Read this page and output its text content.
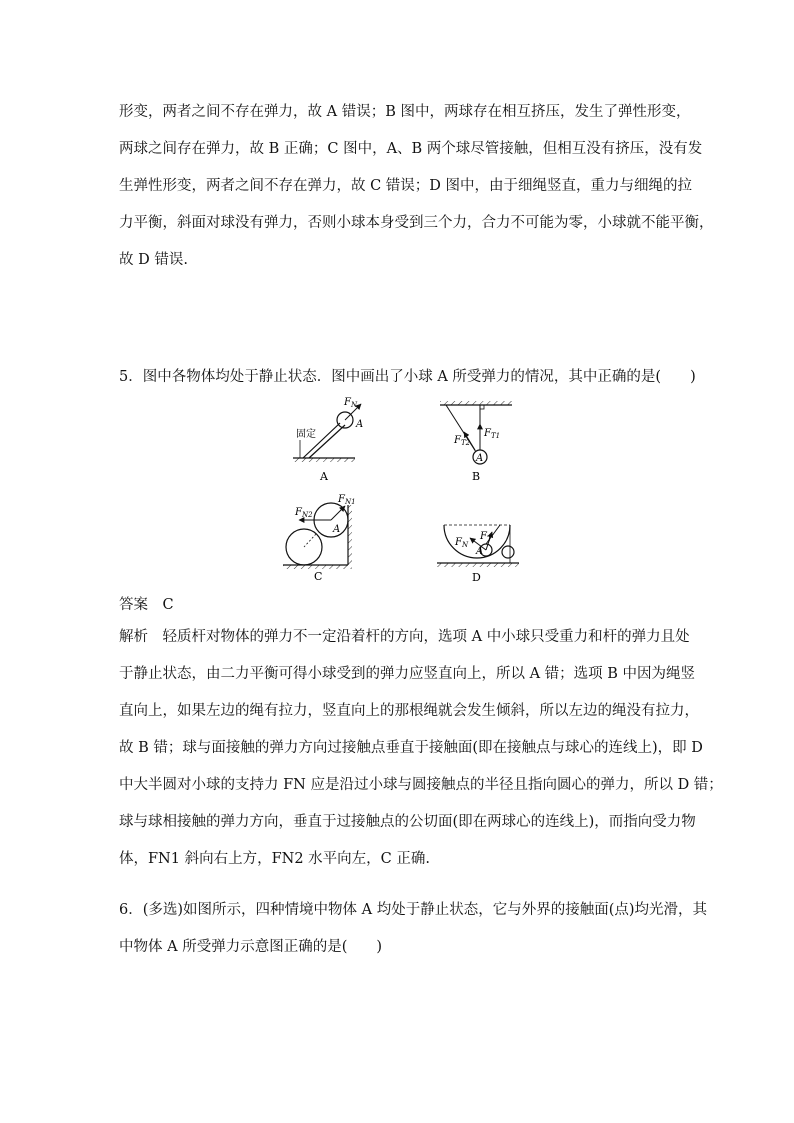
形变，两者之间不存在弹力，故 A 错误；B 图中，两球存在相互挤压，发生了弹性形变，
两球之间存在弹力，故 B 正确；C 图中，A、B 两个球尽管接触，但相互没有挤压，没有发
生弹性形变，两者之间不存在弹力，故 C 错误；D 图中，由于细绳竖直，重力与细绳的拉
力平衡，斜面对球没有弹力，否则小球本身受到三个力，合力不可能为零，小球就不能平衡，
故 D 错误.
5．图中各物体均处于静止状态．图中画出了小球 A 所受弹力的情况，其中正确的是(　　)
固定
A
$F_N$
A
A
$F_{T1}$
$F_{T2}$
B
A
$F_{N1}$
$F_{N2}$
C
A
$F_N$
$F_T$
D
答案　C
解析　轻质杆对物体的弹力不一定沿着杆的方向，选项 A 中小球只受重力和杆的弹力且处
于静止状态，由二力平衡可得小球受到的弹力应竖直向上，所以 A 错；选项 B 中因为绳竖
直向上，如果左边的绳有拉力，竖直向上的那根绳就会发生倾斜，所以左边的绳没有拉力，
故 B 错；球与面接触的弹力方向过接触点垂直于接触面(即在接触点与球心的连线上)，即 D
中大半圆对小球的支持力 FN 应是沿过小球与圆接触点的半径且指向圆心的弹力，所以 D 错；
球与球相接触的弹力方向，垂直于过接触点的公切面(即在两球心的连线上)，而指向受力物
体，FN1 斜向右上方，FN2 水平向左，C 正确.
6．(多选)如图所示，四种情境中物体 A 均处于静止状态，它与外界的接触面(点)均光滑，其
中物体 A 所受弹力示意图正确的是(　　)
